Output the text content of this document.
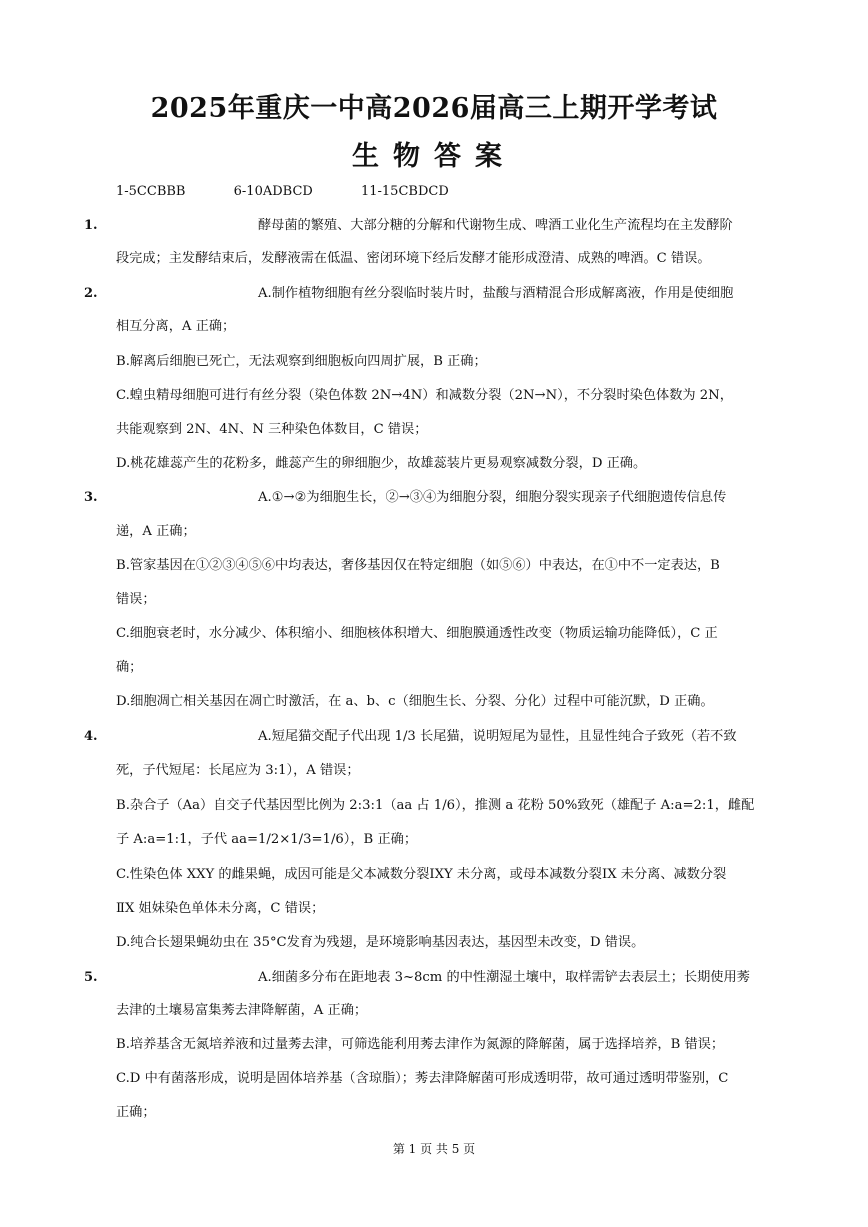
2025年重庆一中高2026届高三上期开学考试
生物答案
1-5CCBBB	6-10ADBCD	11-15CBDCD
1.	酵母菌的繁殖、大部分糖的分解和代谢物生成、啤酒工业化生产流程均在主发酵阶
段完成；主发酵结束后，发酵液需在低温、密闭环境下经后发酵才能形成澄清、成熟的啤酒。C 错误。
2.	A.制作植物细胞有丝分裂临时装片时，盐酸与酒精混合形成解离液，作用是使细胞
相互分离，A 正确；
B.解离后细胞已死亡，无法观察到细胞板向四周扩展，B 正确；
C.蝗虫精母细胞可进行有丝分裂（染色体数 2N→4N）和减数分裂（2N→N），不分裂时染色体数为 2N，
共能观察到 2N、4N、N 三种染色体数目，C 错误；
D.桃花雄蕊产生的花粉多，雌蕊产生的卵细胞少，故雄蕊装片更易观察减数分裂，D 正确。
3.	A.①→②为细胞生长，②→③④为细胞分裂，细胞分裂实现亲子代细胞遗传信息传
递，A 正确；
B.管家基因在①②③④⑤⑥中均表达，奢侈基因仅在特定细胞（如⑤⑥）中表达，在①中不一定表达，B
错误；
C.细胞衰老时，水分减少、体积缩小、细胞核体积增大、细胞膜通透性改变（物质运输功能降低），C 正
确；
D.细胞凋亡相关基因在凋亡时激活，在 a、b、c（细胞生长、分裂、分化）过程中可能沉默，D 正确。
4.	A.短尾猫交配子代出现 1/3 长尾猫，说明短尾为显性，且显性纯合子致死（若不致
死，子代短尾：长尾应为 3:1），A 错误；
B.杂合子（Aa）自交子代基因型比例为 2:3:1（aa 占 1/6），推测 a 花粉 50%致死（雄配子 A:a=2:1，雌配
子 A:a=1:1，子代 aa=1/2×1/3=1/6），B 正确；
C.性染色体 XXY 的雌果蝇，成因可能是父本减数分裂ⅠXY 未分离，或母本减数分裂ⅠX 未分离、减数分裂
ⅡX 姐妹染色单体未分离，C 错误；
D.纯合长翅果蝇幼虫在 35°C发育为残翅，是环境影响基因表达，基因型未改变，D 错误。
5.	A.细菌多分布在距地表 3~8cm 的中性潮湿土壤中，取样需铲去表层土；长期使用莠
去津的土壤易富集莠去津降解菌，A 正确；
B.培养基含无氮培养液和过量莠去津，可筛选能利用莠去津作为氮源的降解菌，属于选择培养，B 错误；
C.D 中有菌落形成，说明是固体培养基（含琼脂）；莠去津降解菌可形成透明带，故可通过透明带鉴别，C
正确；
第 1 页 共 5 页
